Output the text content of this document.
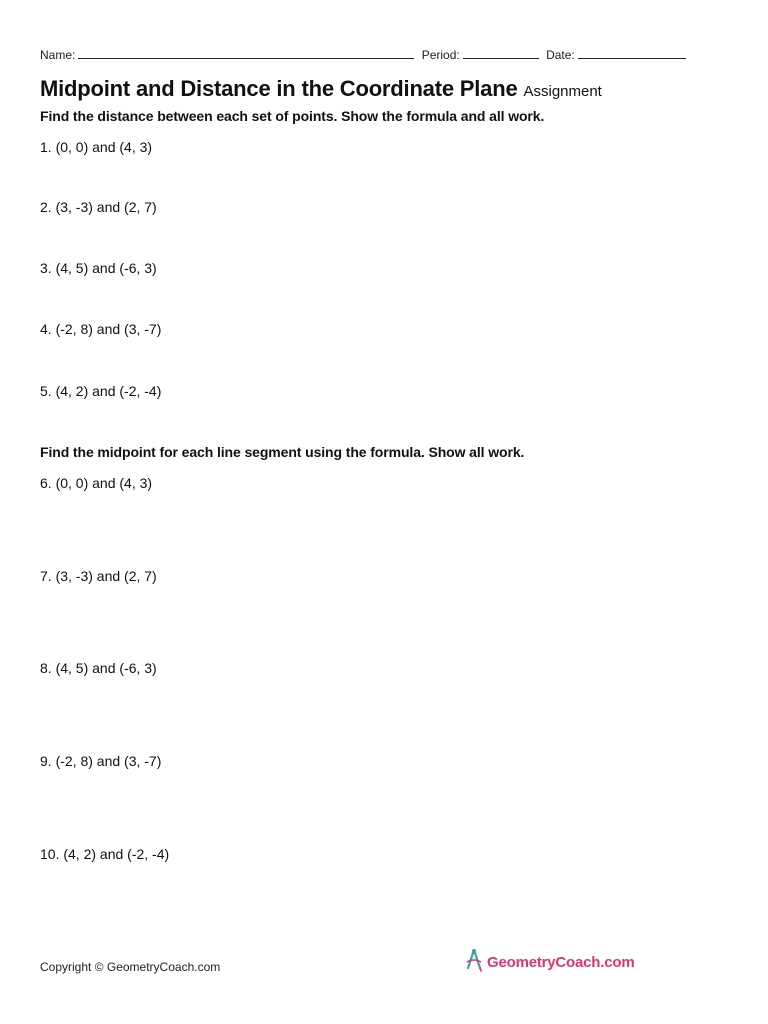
Name:	Period:	Date:
Midpoint and Distance in the Coordinate Plane Assignment
Find the distance between each set of points. Show the formula and all work.
1. (0, 0) and (4, 3)
2. (3, -3) and (2, 7)
3. (4, 5) and (-6, 3)
4. (-2, 8) and (3, -7)
5. (4, 2) and (-2, -4)
Find the midpoint for each line segment using the formula. Show all work.
6. (0, 0) and (4, 3)
7. (3, -3) and (2, 7)
8. (4, 5) and (-6, 3)
9. (-2, 8) and (3, -7)
10. (4, 2) and (-2, -4)
Copyright © GeometryCoach.com	GeometryCoach.com
